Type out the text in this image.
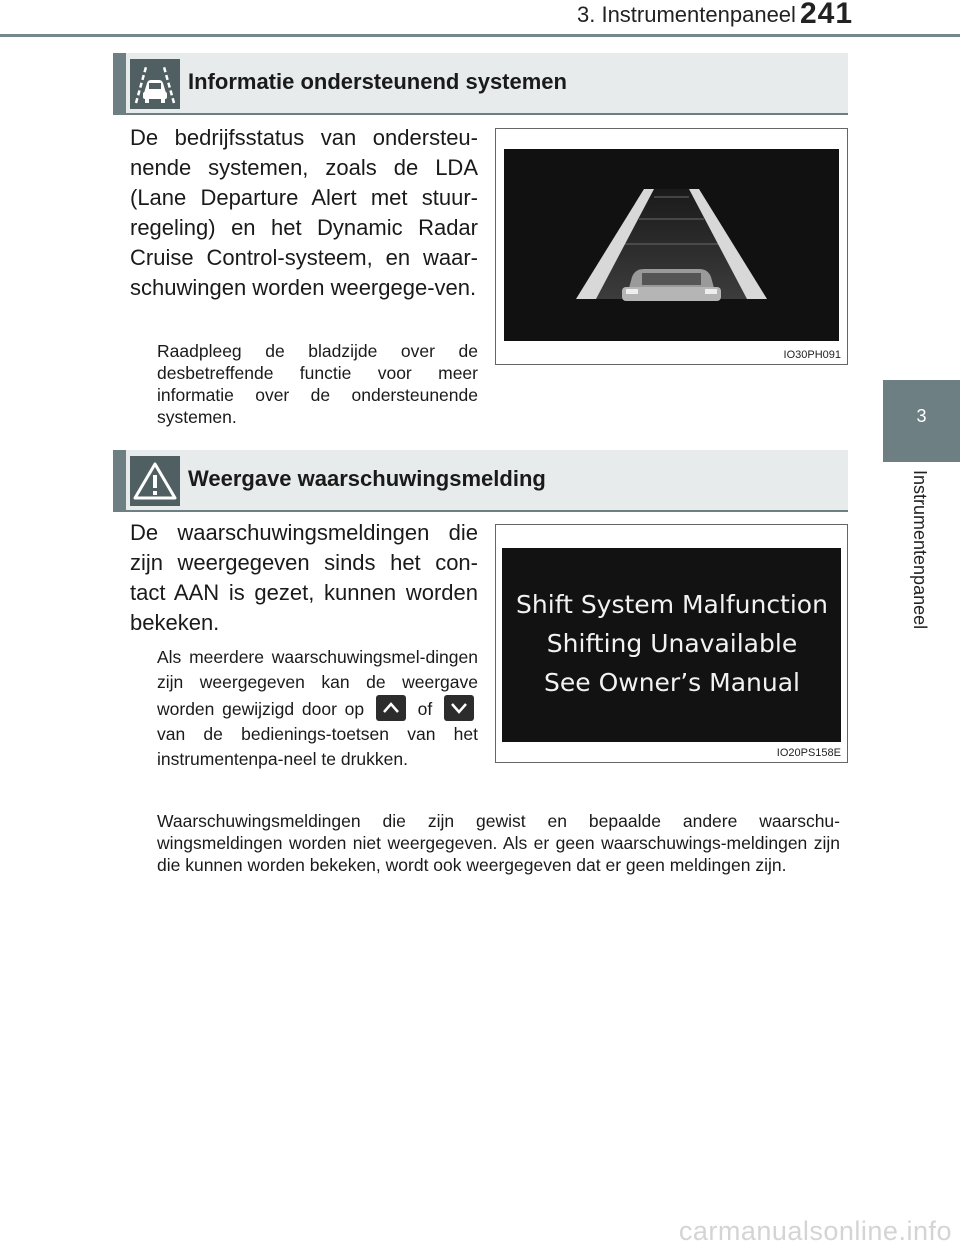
3. Instrumentenpaneel 241
3
Instrumentenpaneel
Informatie ondersteunend systemen
De bedrijfsstatus van ondersteu-nende systemen, zoals de LDA (Lane Departure Alert met stuur-regeling) en het Dynamic Radar Cruise Control-systeem, en waar-schuwingen worden weergege-ven.
Raadpleeg de bladzijde over de desbetreffende functie voor meer informatie over de ondersteunende systemen.
IO30PH091
Weergave waarschuwingsmelding
De waarschuwingsmeldingen die zijn weergegeven sinds het con-tact AAN is gezet, kunnen worden bekeken.
Als meerdere waarschuwingsmel-dingen zijn weergegeven kan de weergave worden gewijzigd door op	of
van de bedienings-toetsen van het instrumentenpa-neel te drukken.
Waarschuwingsmeldingen die zijn gewist en bepaalde andere waarschu-wingsmeldingen worden niet weergegeven. Als er geen waarschuwings-meldingen zijn die kunnen worden bekeken, wordt ook weergegeven dat er geen meldingen zijn.
Shift System Malfunction
Shifting Unavailable
See Owner’s Manual
IO20PS158E
carmanualsonline.info
